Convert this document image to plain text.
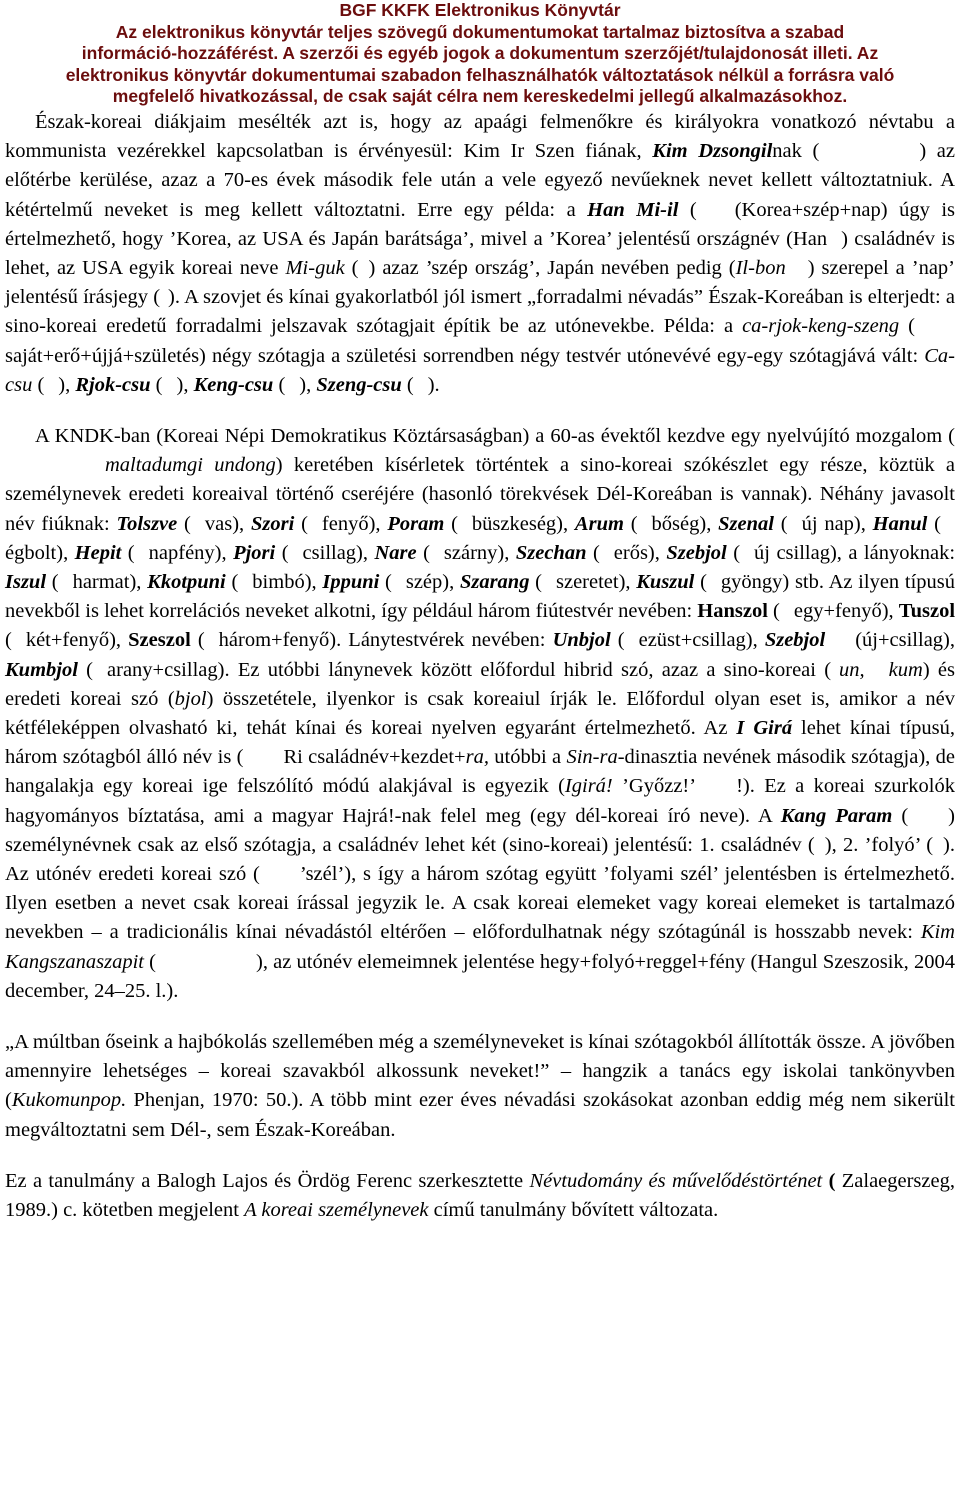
BGF KKFK Elektronikus Könyvtár
Az elektronikus könyvtár teljes szövegű dokumentumokat tartalmaz biztosítva a szabad
információ-hozzáférést. A szerzői és egyéb jogok a dokumentum szerzőjét/tulajdonosát illeti. Az
elektronikus könyvtár dokumentumai szabadon felhasználhatók változtatások nélkül a forrásra való
megfelelő hivatkozással, de csak saját célra nem kereskedelmi jellegű alkalmazásokhoz.

Észak-koreai diákjaim mesélték azt is, hogy az apaági felmenőkre és királyokra vonatkozó névtabu a kommunista vezérekkel kapcsolatban is érvényesül: Kim Ir Szen fiának, Kim Dzsongilnak (	) az előtérbe kerülése, azaz a 70-es évek második fele után a vele egyező nevűeknek nevet kellett változtatniuk. A kétértelmű neveket is meg kellett változtatni. Erre egy példa: a Han Mi-il ( (Korea+szép+nap) úgy is értelmezhető, hogy ’Korea, az USA és Japán barátsága’, mivel a ’Korea’ jelentésű országnév (Han ) családnév is lehet, az USA egyik koreai neve Mi-guk ( ) azaz ’szép ország’, Japán nevében pedig (Il-bon ) szerepel a ’nap’ jelentésű írásjegy ( ). A szovjet és kínai gyakorlatból jól ismert „forradalmi névadás” Észak-Koreában is elterjedt: a sino-koreai eredetű forradalmi jelszavak szótagjait építik be az utónevekbe. Példa: a ca-rjok-keng-szeng (saját+erő+újjá+születés) négy szótagja a születési sorrendben négy testvér utónevévé egy-egy szótagjává vált: Ca-csu ( ), Rjok-csu ( ), Keng-csu ( ), Szeng-csu ( ).

A KNDK-ban (Koreai Népi Demokratikus Köztársaságban) a 60-as évektől kezdve egy nyelvújító mozgalom (maltadumgi undong) keretében kísérletek történtek a sino-koreai szókészlet egy része, köztük a személynevek eredeti koreaival történő cseréjére (hasonló törekvések Dél-Koreában is vannak). Néhány javasolt név fiúknak: Tolszve ( vas), Szori ( fenyő), Poram ( büszkeség), Arum ( bőség), Szenal ( új nap), Hanul (égbolt), Hepit ( napfény), Pjori ( csillag), Nare ( szárny), Szechan ( erős), Szebjol ( új csillag), a lányoknak: Iszul ( harmat), Kkotpuni ( bimbó), Ippuni ( szép), Szarang ( szeretet), Kuszul ( gyöngy) stb. Az ilyen típusú nevekből is lehet korrelációs neveket alkotni, így például három fiútestvér nevében: Hanszol ( egy+fenyő), Tuszol ( két+fenyő), Szeszol ( három+fenyő). Lánytestvérek nevében: Unbjol ( ezüst+csillag), Szebjol (új+csillag), Kumbjol ( arany+csillag). Ez utóbbi lánynevek között előfordul hibrid szó, azaz a sino-koreai ( un, kum) és eredeti koreai szó (bjol) összetétele, ilyenkor is csak koreaiul írják le. Előfordul olyan eset is, amikor a név kétféleképpen olvasható ki, tehát kínai és koreai nyelven egyaránt értelmezhető. Az I Girá lehet kínai típusú, három szótagból álló név is ( Ri családnév+kezdet+ra, utóbbi a Sin-ra-dinasztia nevének második szótagja), de hangalakja egy koreai ige felszólító módú alakjával is egyezik (Igirá! ’Győzz!’ !). Ez a koreai szurkolók hagyományos bíztatása, ami a magyar Hajrá!-nak felel meg (egy dél-koreai író neve). A Kang Param ( ) személynévnek csak az első szótagja, a családnév lehet két (sino-koreai) jelentésű: 1. családnév ( ), 2. ’folyó’ ( ). Az utónév eredeti koreai szó ( ’szél’), s így a három szótag együtt ’folyami szél’ jelentésben is értelmezhető. Ilyen esetben a nevet csak koreai írással jegyzik le. A csak koreai elemeket vagy koreai elemeket is tartalmazó nevekben – a tradicionális kínai névadástól eltérően – előfordulhatnak négy szótagúnál is hosszabb nevek: Kim Kangszanaszapit (	), az utónév elemeimnek jelentése hegy+folyó+reggel+fény (Hangul Szeszosik, 2004 december, 24–25. l.).

„A múltban őseink a hajbókolás szellemében még a személyneveket is kínai szótagokból állították össze. A jövőben amennyire lehetséges – koreai szavakból alkossunk neveket!” – hangzik a tanács egy iskolai tankönyvben (Kukomunpop. Phenjan, 1970: 50.). A több mint ezer éves névadási szokásokat azonban eddig még nem sikerült megváltoztatni sem Dél-, sem Észak-Koreában.

Ez a tanulmány a Balogh Lajos és Ördög Ferenc szerkesztette Névtudomány és művelődéstörténet ( Zalaegerszeg, 1989.) c. kötetben megjelent A koreai személynevek című tanulmány bővített változata.
